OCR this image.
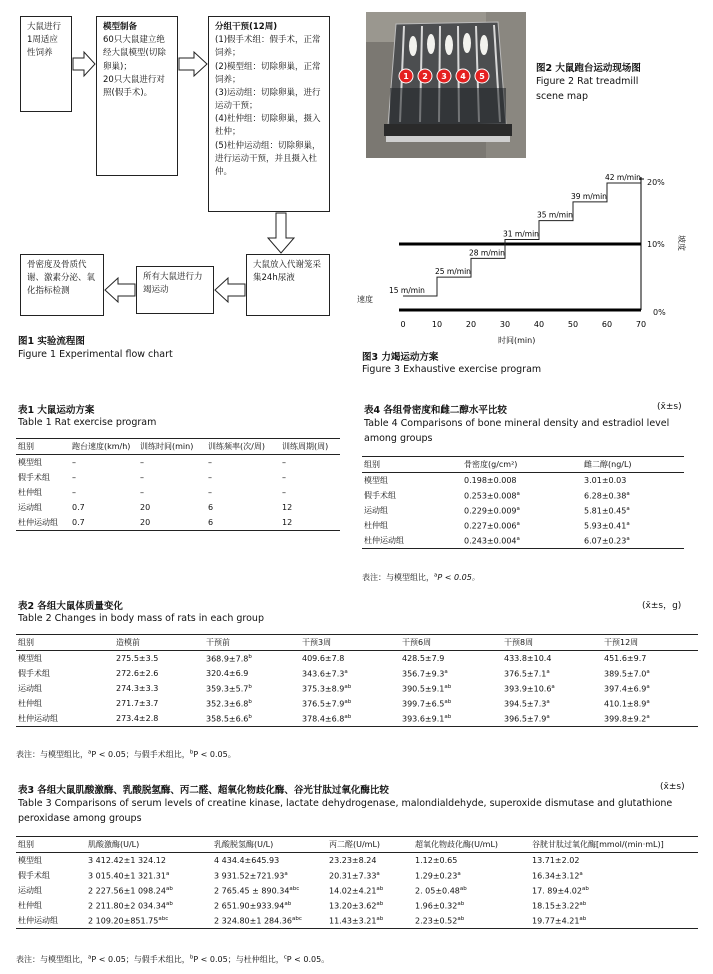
大鼠进行1周适应性饲养
模型制备
60只大鼠建立绝经大鼠模型(切除卵巢)；
20只大鼠进行对照(假手术)。
分组干预(12周)
(1)假手术组：假手术，正常饲养；
(2)模型组：切除卵巢，正常饲养；
(3)运动组：切除卵巢，进行运动干预；
(4)杜仲组：切除卵巢，摄入杜仲；
(5)杜仲运动组：切除卵巢，进行运动干预，并且摄入杜仲。
大鼠放入代谢笼采集24h尿液
所有大鼠进行力竭运动
骨密度及骨质代谢、激素分泌、氧化指标检测
图1 实验流程图
Figure 1 Experimental flow chart
1 2 3 4 5
图2 大鼠跑台运动现场图
Figure 2 Rat treadmill
scene map
速度
坡度
20%
10%
0%
时间(min)
0	10	20	30	40	50	60	70
15 m/min
25 m/min
28 m/min
31 m/min
35 m/min
39 m/min
42 m/min
图3 力竭运动方案
Figure 3 Exhaustive exercise program
表1 大鼠运动方案
Table 1 Rat exercise program
组别	跑台速度(km/h)	训练时间(min)	训练频率(次/周)	训练周期(周)
模型组	–	–	–	–
假手术组	–	–	–	–
杜仲组	–	–	–	–
运动组	0.7	20	6	12
杜仲运动组	0.7	20	6	12
表4 各组骨密度和雌二醇水平比较	(x̄±s)
Table 4 Comparisons of bone mineral density and estradiol level
among groups
组别	骨密度(g/cm²)	雌二醇(ng/L)
模型组	0.198±0.008	3.01±0.03
假手术组	0.253±0.008$^a$	6.28±0.38$^a$
运动组	0.229±0.009$^a$	5.81±0.45$^a$
杜仲组	0.227±0.006$^a$	5.93±0.41$^a$
杜仲运动组	0.243±0.004$^a$	6.07±0.23$^a$
表注：与模型组比，$^a$P < 0.05。
表2 各组大鼠体质量变化	(x̄±s，g)
Table 2 Changes in body mass of rats in each group
组别	造模前	干预前	干预3周	干预6周	干预8周	干预12周
模型组	275.5±3.5	368.9±7.8$^b$	409.6±7.8	428.5±7.9	433.8±10.4	451.6±9.7
假手术组	272.6±2.6	320.4±6.9	343.6±7.3$^a$	356.7±9.3$^a$	376.5±7.1$^a$	389.5±7.0$^a$
运动组	274.3±3.3	359.3±5.7$^b$	375.3±8.9$^{ab}$	390.5±9.1$^{ab}$	393.9±10.6$^a$	397.4±6.9$^a$
杜仲组	271.7±3.7	352.3±6.8$^b$	376.5±7.9$^{ab}$	399.7±6.5$^{ab}$	394.5±7.3$^a$	410.1±8.9$^a$
杜仲运动组	273.4±2.8	358.5±6.6$^b$	378.4±6.8$^{ab}$	393.6±9.1$^{ab}$	396.5±7.9$^a$	399.8±9.2$^a$
表注：与模型组比，$^a$P < 0.05；与假手术组比，$^b$P < 0.05。
表3 各组大鼠肌酸激酶、乳酸脱氢酶、丙二醛、超氧化物歧化酶、谷光甘肽过氧化酶比较	(x̄±s)
Table 3 Comparisons of serum levels of creatine kinase, lactate dehydrogenase, malondialdehyde, superoxide dismutase and glutathione
peroxidase among groups
组别	肌酸激酶(U/L)	乳酸脱氢酶(U/L)	丙二醛(U/mL)	超氧化物歧化酶(U/mL)	谷胱甘肽过氧化酶[mmol/(min·mL)]
模型组	3 412.42±1 324.12	4 434.4±645.93	23.23±8.24	1.12±0.65	13.71±2.02
假手术组	3 015.40±1 321.31$^a$	3 931.52±721.93$^a$	20.31±7.33$^a$	1.29±0.23$^a$	16.34±3.12$^a$
运动组	2 227.56±1 098.24$^{ab}$	2 765.45 ± 890.34$^{abc}$	14.02±4.21$^{ab}$	2. 05±0.48$^{ab}$	17. 89±4.02$^{ab}$
杜仲组	2 211.80±2 034.34$^{ab}$	2 651.90±933.94$^{ab}$	13.20±3.62$^{ab}$	1.96±0.32$^{ab}$	18.15±3.22$^{ab}$
杜仲运动组	2 109.20±851.75$^{abc}$	2 324.80±1 284.36$^{abc}$	11.43±3.21$^{ab}$	2.23±0.52$^{ab}$	19.77±4.21$^{ab}$
表注：与模型组比，$^a$P < 0.05；与假手术组比，$^b$P < 0.05；与杜仲组比，$^c$P < 0.05。
